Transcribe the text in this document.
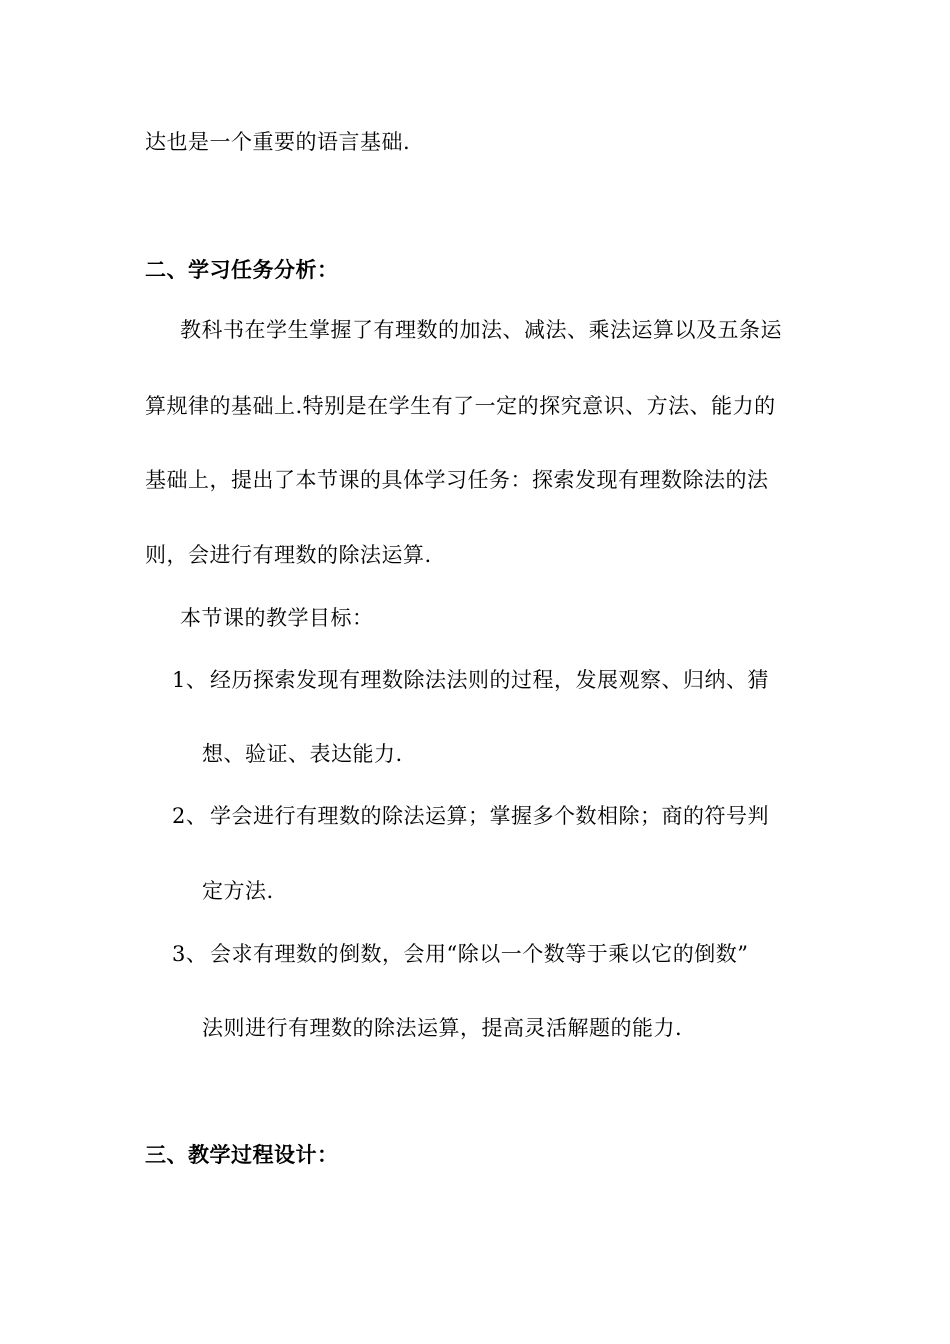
达也是一个重要的语言基础.
二、学习任务分析：
教科书在学生掌握了有理数的加法、减法、乘法运算以及五条运
算规律的基础上.特别是在学生有了一定的探究意识、方法、能力的
基础上，提出了本节课的具体学习任务：探索发现有理数除法的法
则，会进行有理数的除法运算.
本节课的教学目标：
1、 经历探索发现有理数除法法则的过程，发展观察、归纳、猜
想、验证、表达能力.
2、 学会进行有理数的除法运算；掌握多个数相除；商的符号判
定方法.
3、 会求有理数的倒数，会用“除以一个数等于乘以它的倒数”
法则进行有理数的除法运算，提高灵活解题的能力.
三、教学过程设计：
